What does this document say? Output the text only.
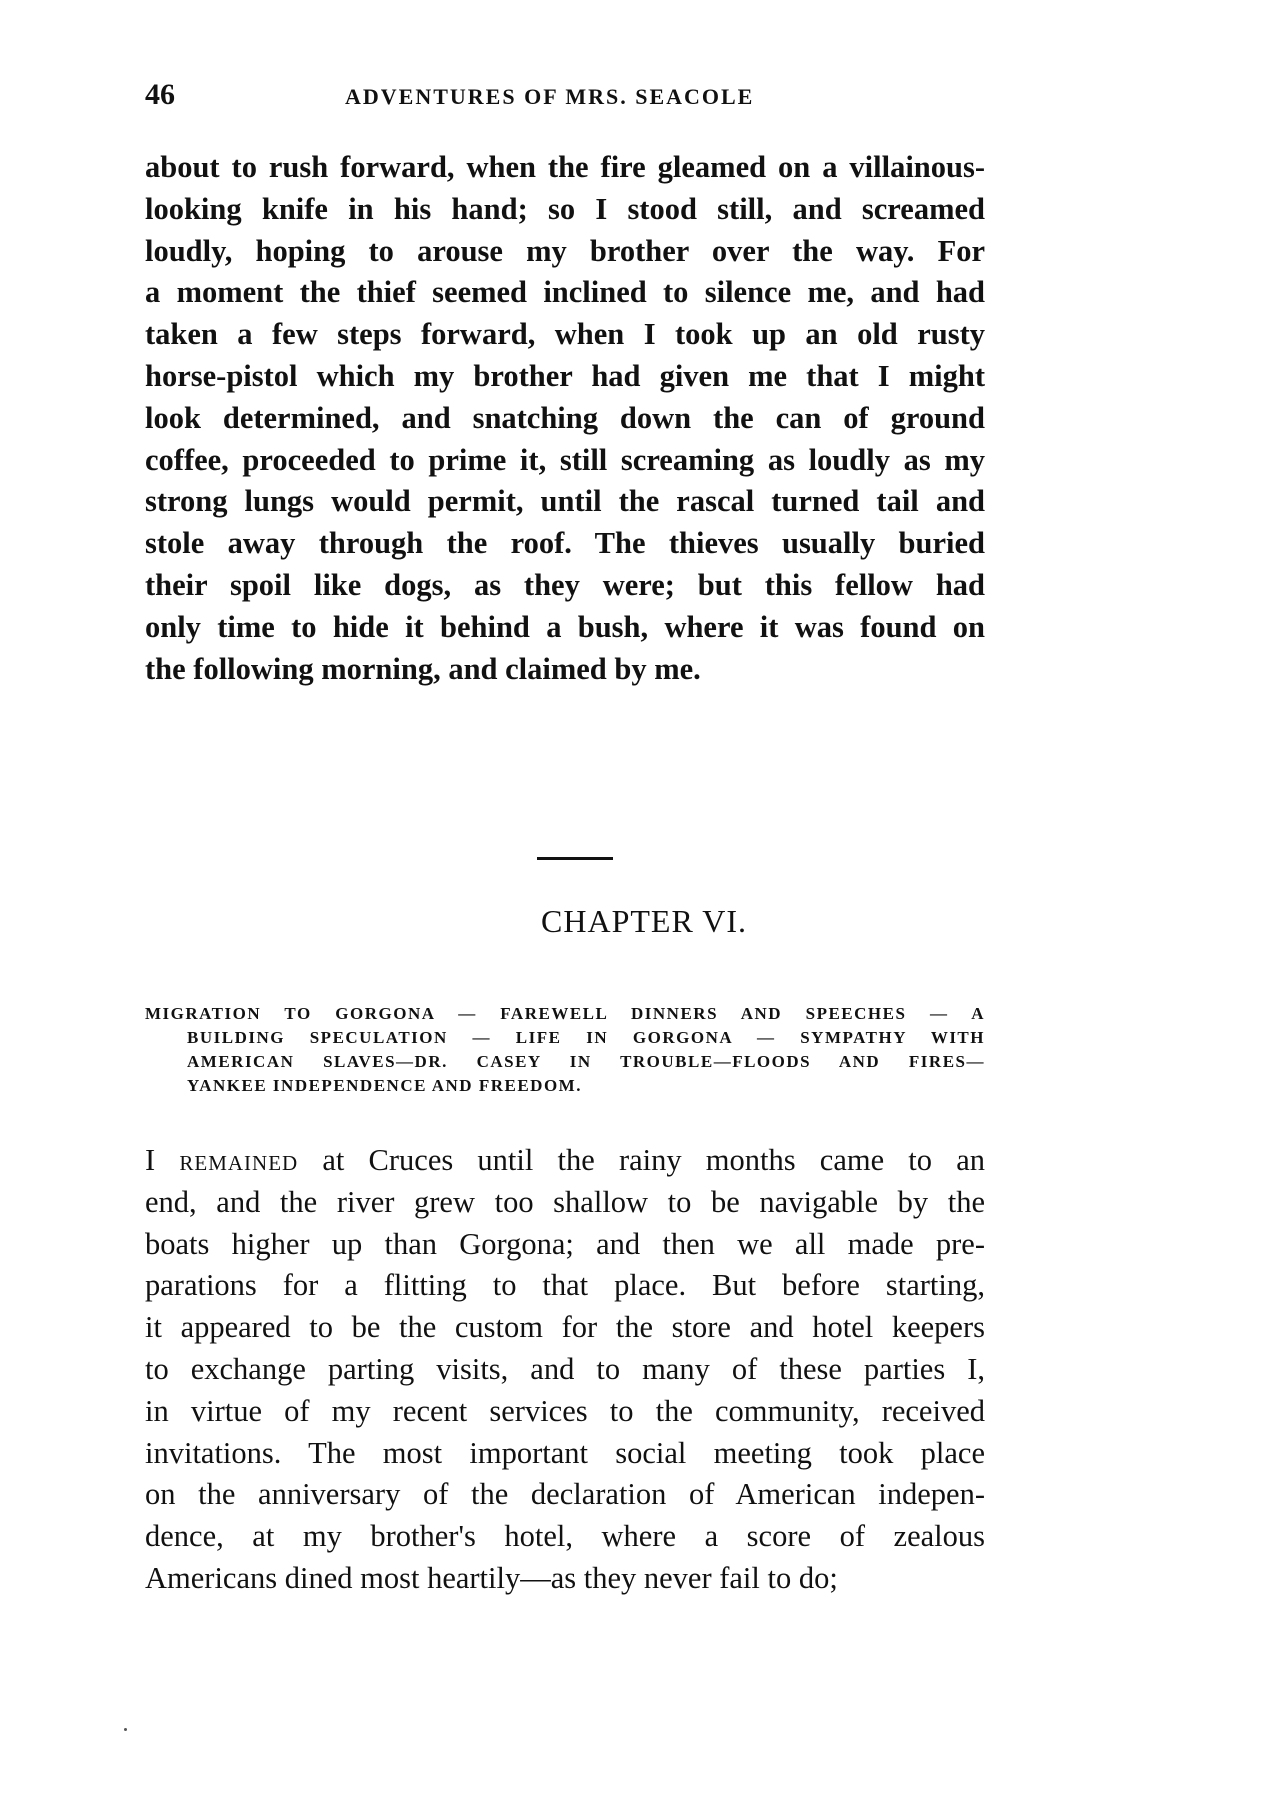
46	ADVENTURES OF MRS. SEACOLE
about to rush forward, when the fire gleamed on a villainous-
looking knife in his hand; so I stood still, and screamed
loudly, hoping to arouse my brother over the way. For
a moment the thief seemed inclined to silence me, and had
taken a few steps forward, when I took up an old rusty
horse-pistol which my brother had given me that I might
look determined, and snatching down the can of ground
coffee, proceeded to prime it, still screaming as loudly as my
strong lungs would permit, until the rascal turned tail and
stole away through the roof. The thieves usually buried
their spoil like dogs, as they were; but this fellow had
only time to hide it behind a bush, where it was found on
the following morning, and claimed by me.
CHAPTER VI.
MIGRATION TO GORGONA — FAREWELL DINNERS AND SPEECHES — A
BUILDING SPECULATION — LIFE IN GORGONA — SYMPATHY WITH
AMERICAN SLAVES—DR. CASEY IN TROUBLE—FLOODS AND FIRES—
YANKEE INDEPENDENCE AND FREEDOM.
I remained at Cruces until the rainy months came to an
end, and the river grew too shallow to be navigable by the
boats higher up than Gorgona; and then we all made pre-
parations for a flitting to that place. But before starting,
it appeared to be the custom for the store and hotel keepers
to exchange parting visits, and to many of these parties I,
in virtue of my recent services to the community, received
invitations. The most important social meeting took place
on the anniversary of the declaration of American indepen-
dence, at my brother's hotel, where a score of zealous
Americans dined most heartily—as they never fail to do;
